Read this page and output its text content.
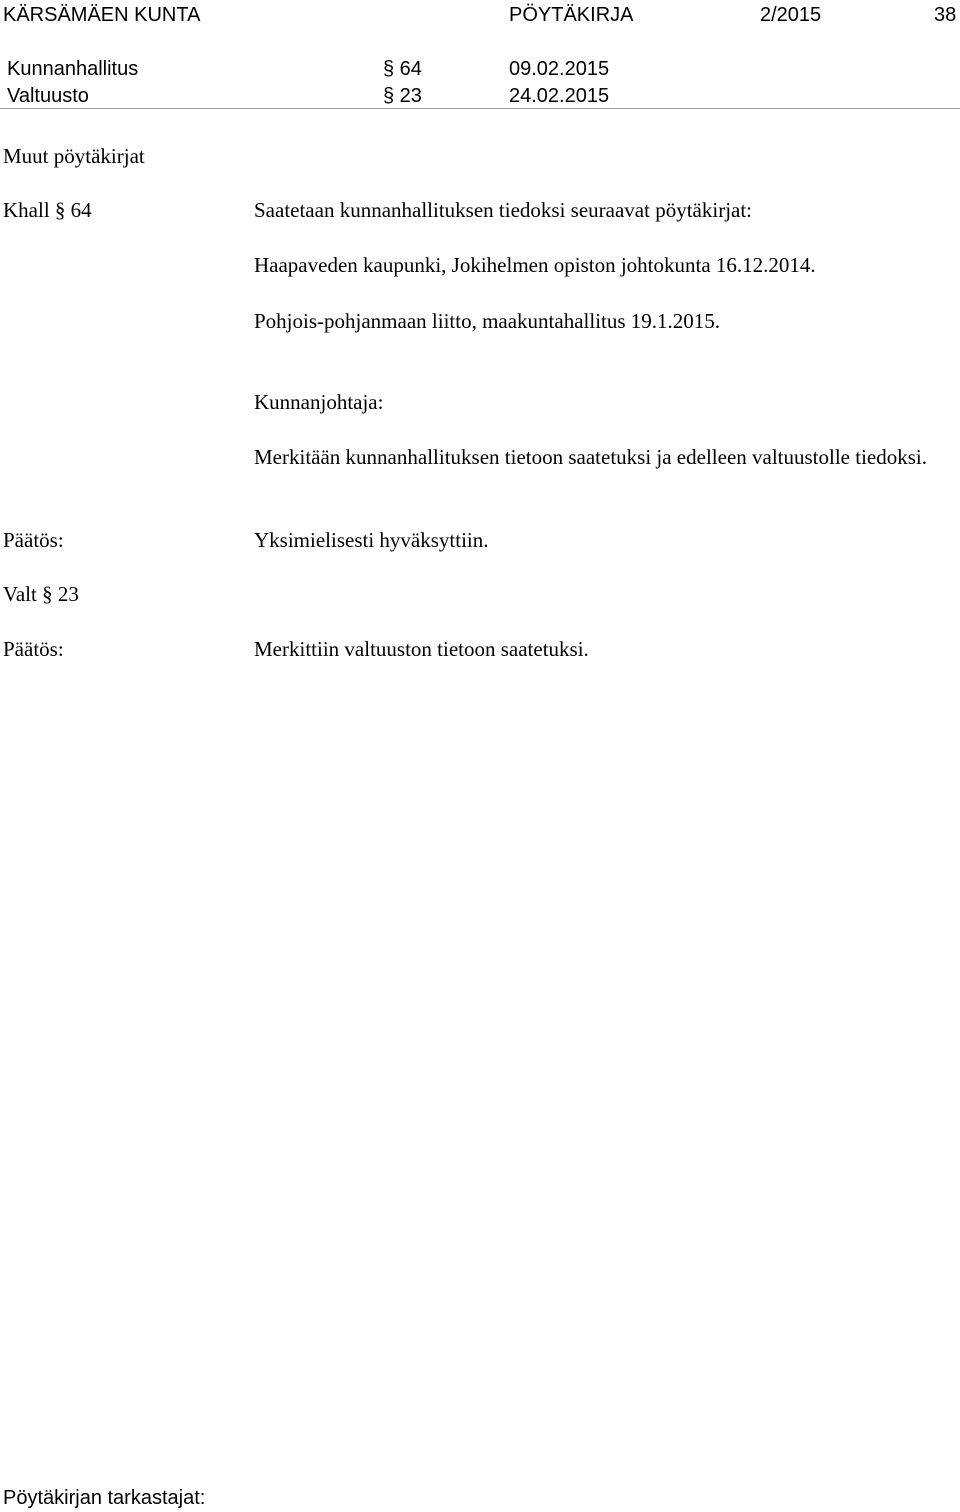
KÄRSÄMÄEN KUNTA	PÖYTÄKIRJA	2/2015	38
Kunnanhallitus	§ 64	09.02.2015
Valtuusto	§ 23	24.02.2015
Muut pöytäkirjat
Khall § 64	Saatetaan kunnanhallituksen tiedoksi seuraavat pöytäkirjat:
Haapaveden kaupunki, Jokihelmen opiston johtokunta 16.12.2014.
Pohjois-pohjanmaan liitto, maakuntahallitus 19.1.2015.
Kunnanjohtaja:
Merkitään kunnanhallituksen tietoon saatetuksi ja edelleen valtuustolle tiedoksi.
Päätös:	Yksimielisesti hyväksyttiin.
Valt § 23
Päätös:	Merkittiin valtuuston tietoon saatetuksi.
Pöytäkirjan tarkastajat:
